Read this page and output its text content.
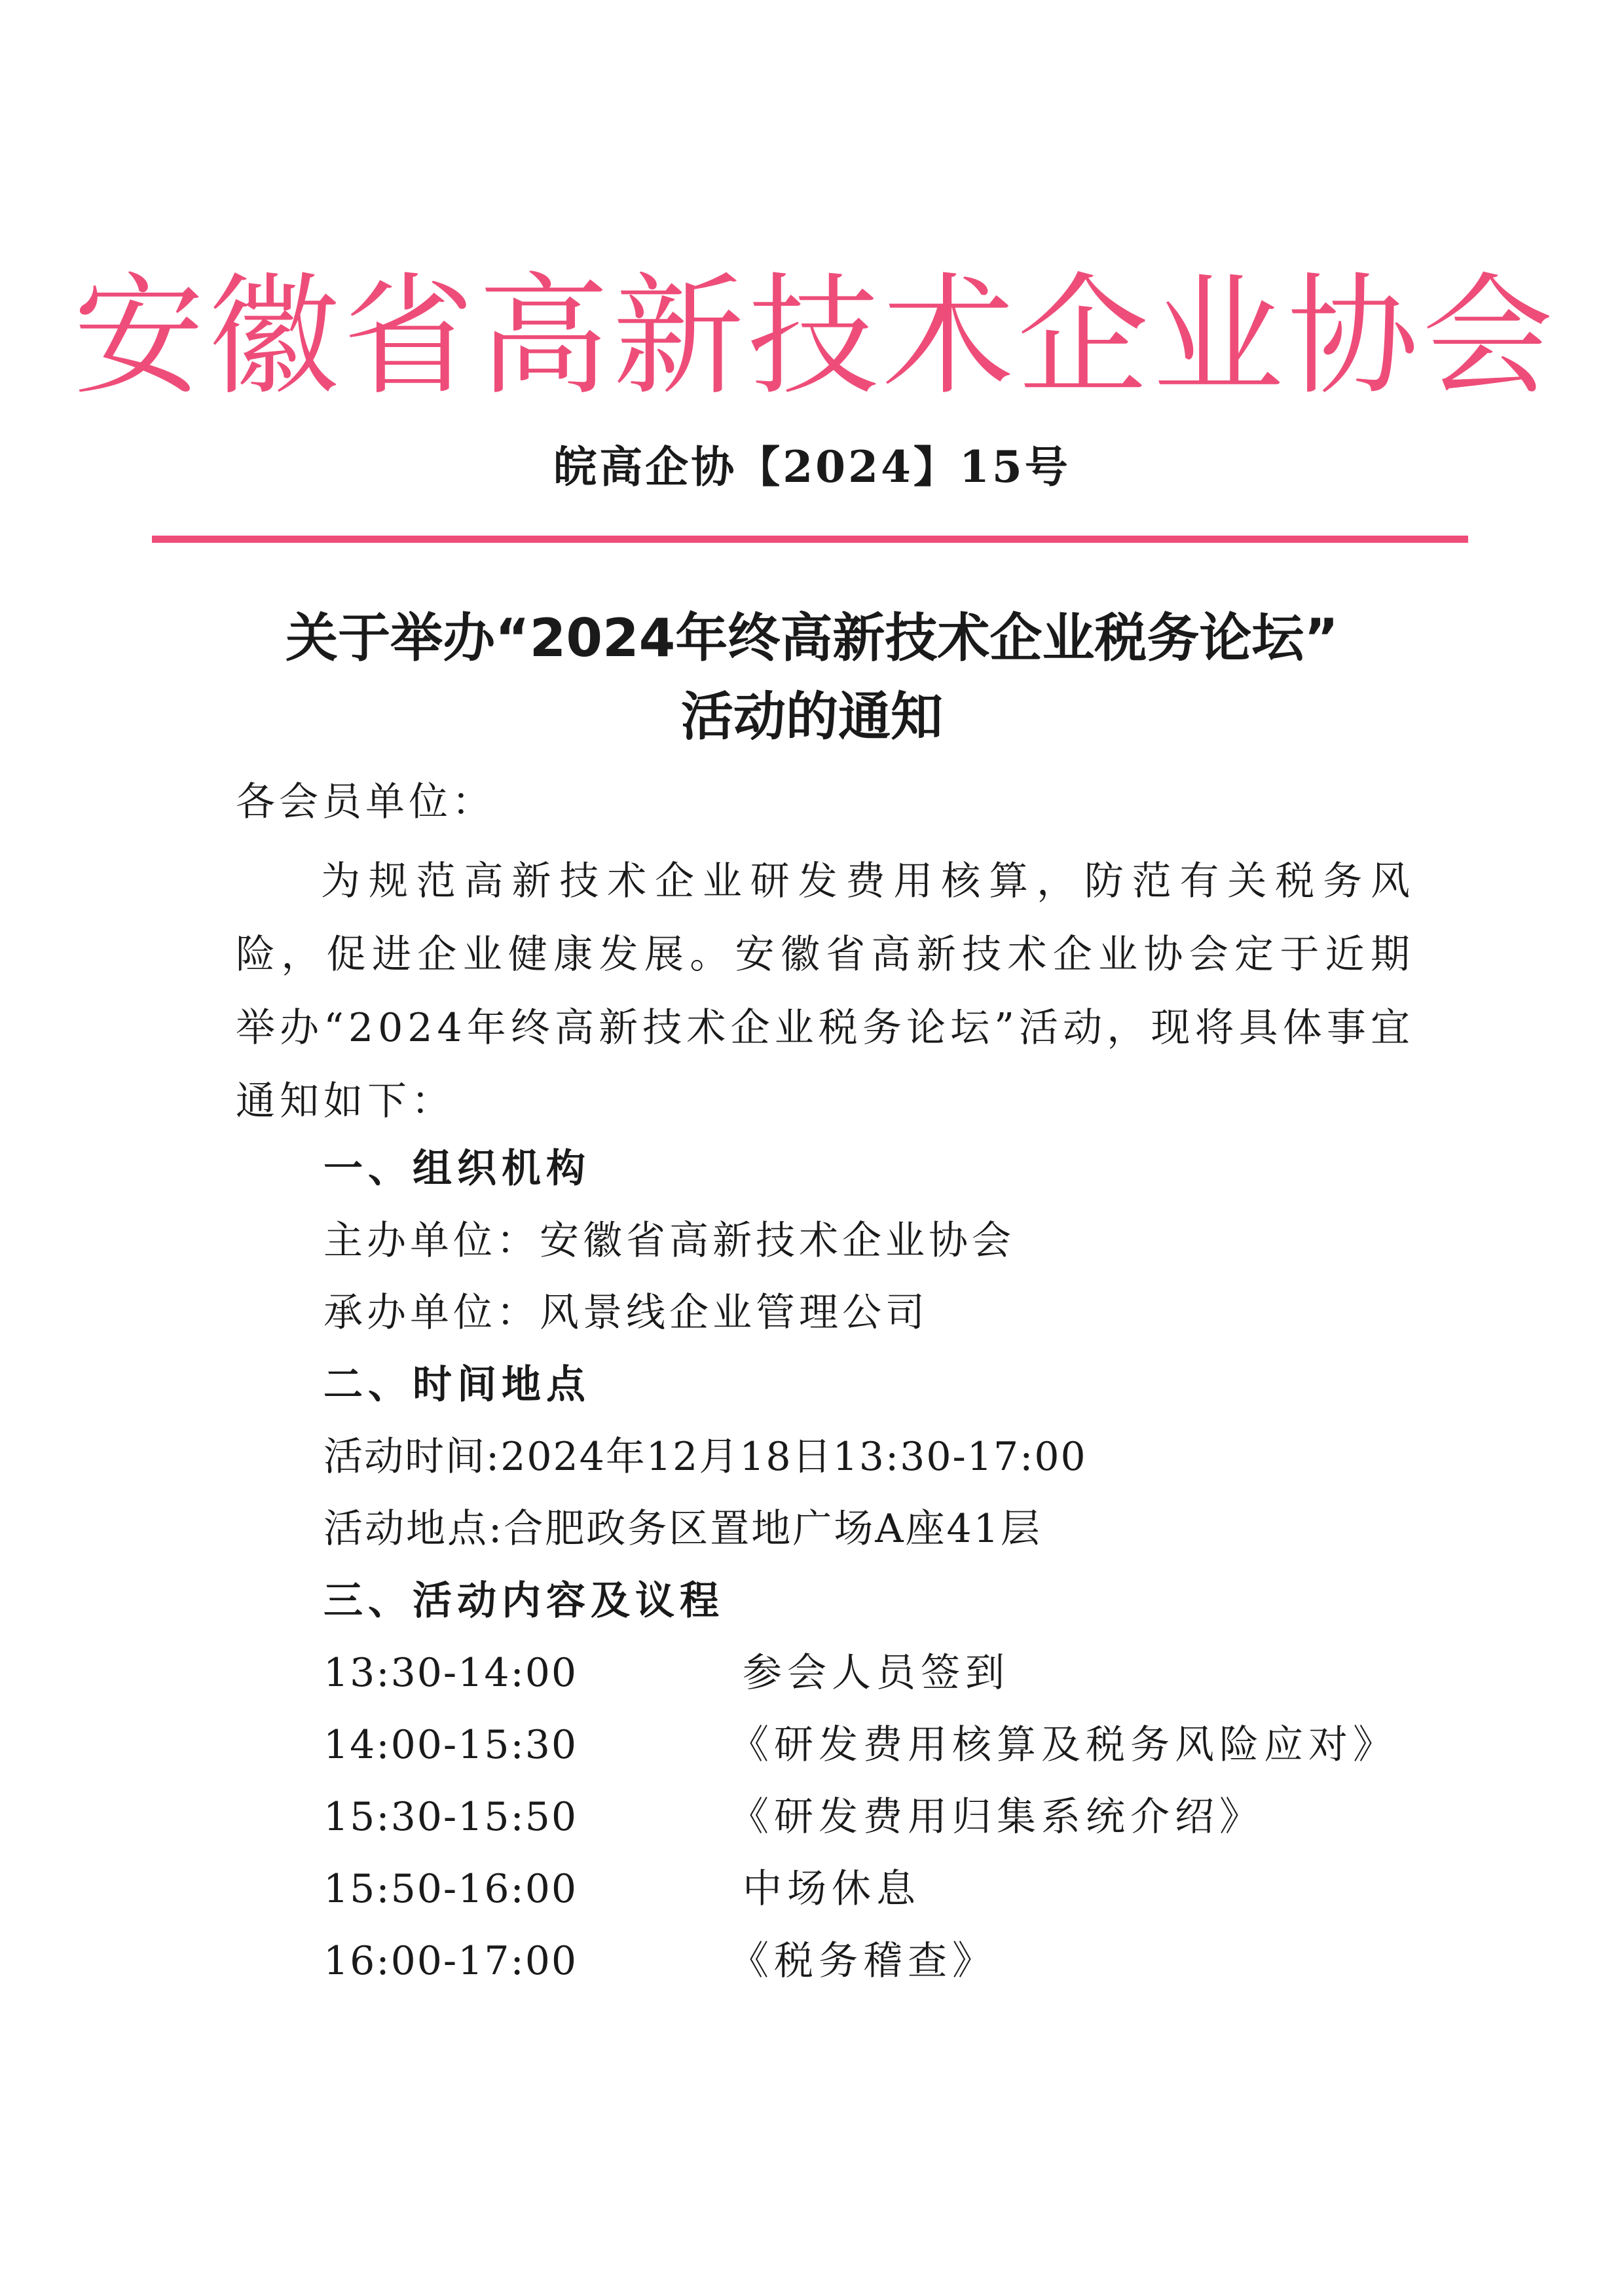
安徽省高新技术企业协会
皖高企协【2024】15号
关于举办“2024年终高新技术企业税务论坛”
活动的通知
各会员单位：
为规范高新技术企业研发费用核算，防范有关税务风险，促进企业健康发展。安徽省高新技术企业协会定于近期举办“2024年终高新技术企业税务论坛”活动，现将具体事宜通知如下：
一、组织机构
主办单位：安徽省高新技术企业协会
承办单位：风景线企业管理公司
二、时间地点
活动时间:2024年12月18日13:30-17:00
活动地点:合肥政务区置地广场A座41层
三、活动内容及议程
13:30-14:00	参会人员签到
14:00-15:30	《研发费用核算及税务风险应对》
15:30-15:50	《研发费用归集系统介绍》
15:50-16:00	中场休息
16:00-17:00	《税务稽查》
